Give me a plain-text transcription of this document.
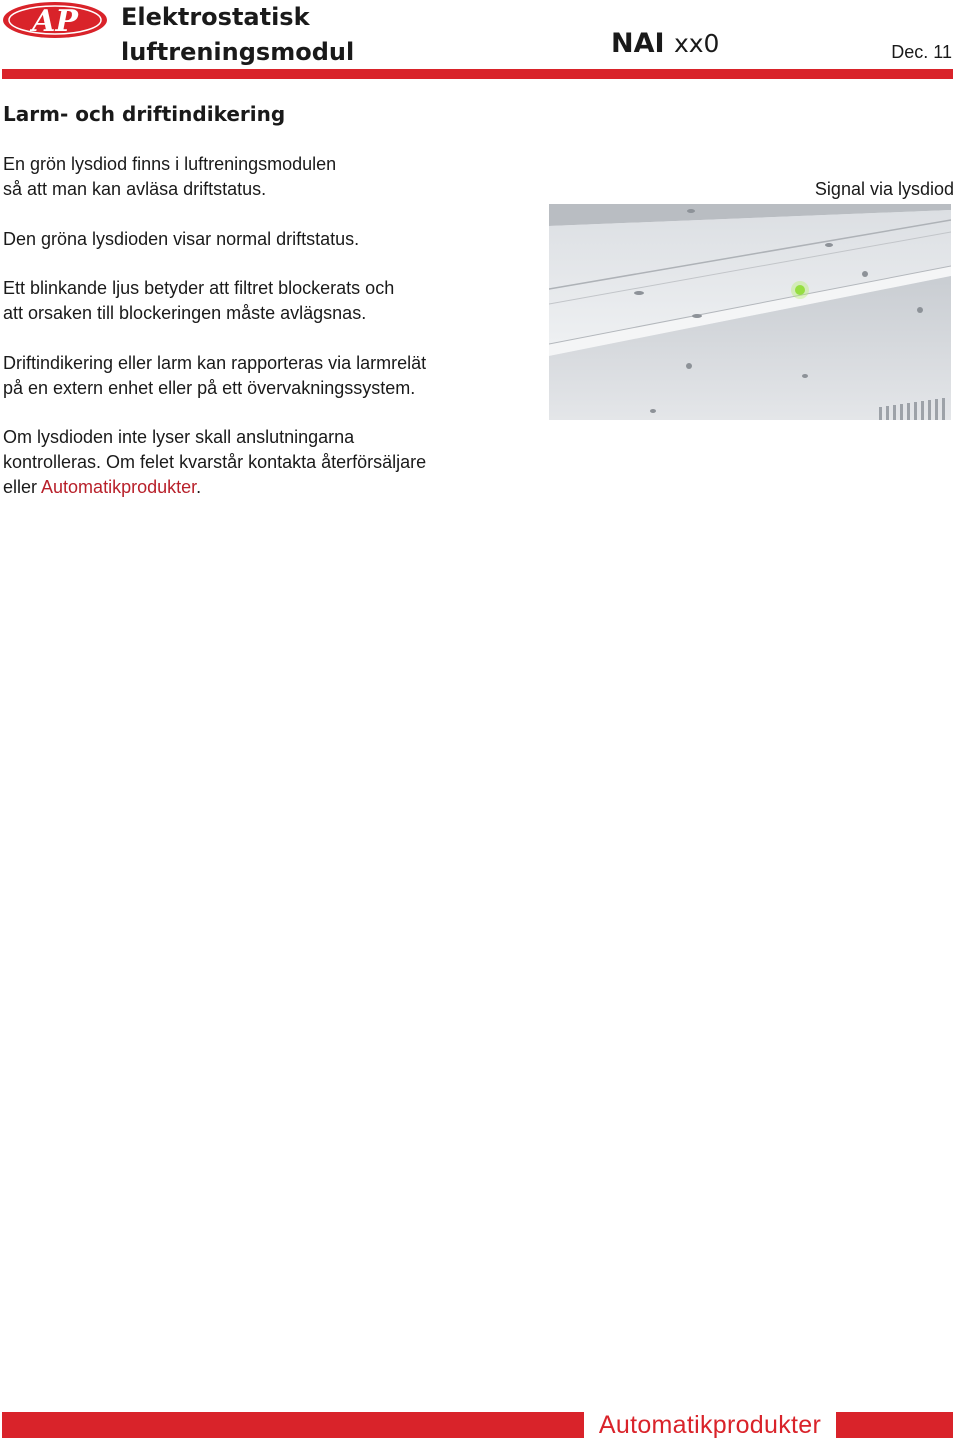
AP Elektrostatisk
luftreningsmodul	NAI xx0	Dec. 11
Larm- och driftindikering

En grön lysdiod finns i luftreningsmodulen
så att man kan avläsa driftstatus.

Den gröna lysdioden visar normal driftstatus.

Ett blinkande ljus betyder att filtret blockerats och
att orsaken till blockeringen måste avlägsnas.

Driftindikering eller larm kan rapporteras via larmrelät
på en extern enhet eller på ett övervakningssystem.

Om lysdioden inte lyser skall anslutningarna
kontrolleras. Om felet kvarstår kontakta återförsäljare
eller Automatikprodukter.

Signal via lysdiod
Automatikprodukter
